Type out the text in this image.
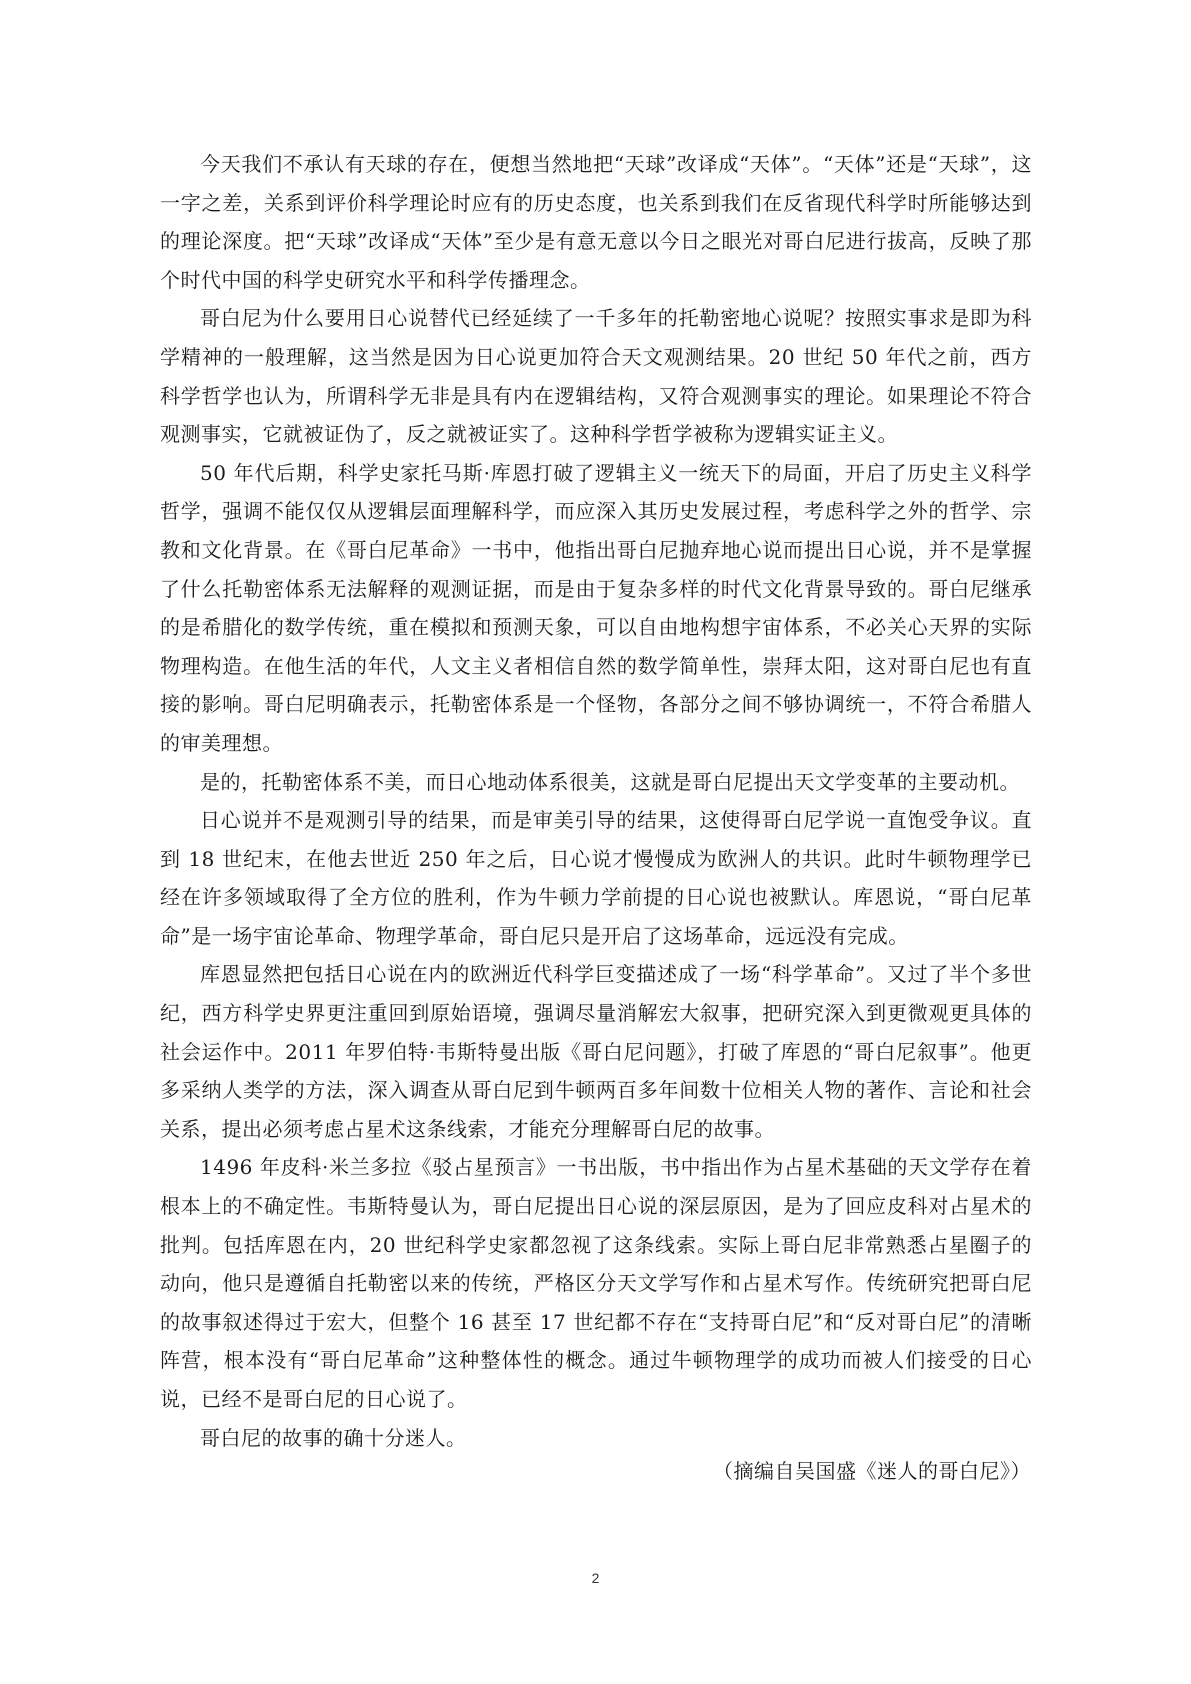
今天我们不承认有天球的存在，便想当然地把“天球”改译成“天体”。“天体”还是“天球”，这一字之差，关系到评价科学理论时应有的历史态度，也关系到我们在反省现代科学时所能够达到的理论深度。把“天球”改译成“天体”至少是有意无意以今日之眼光对哥白尼进行拔高，反映了那个时代中国的科学史研究水平和科学传播理念。

哥白尼为什么要用日心说替代已经延续了一千多年的托勒密地心说呢？按照实事求是即为科学精神的一般理解，这当然是因为日心说更加符合天文观测结果。20 世纪 50 年代之前，西方科学哲学也认为，所谓科学无非是具有内在逻辑结构，又符合观测事实的理论。如果理论不符合观测事实，它就被证伪了，反之就被证实了。这种科学哲学被称为逻辑实证主义。

50 年代后期，科学史家托马斯·库恩打破了逻辑主义一统天下的局面，开启了历史主义科学哲学，强调不能仅仅从逻辑层面理解科学，而应深入其历史发展过程，考虑科学之外的哲学、宗教和文化背景。在《哥白尼革命》一书中，他指出哥白尼抛弃地心说而提出日心说，并不是掌握了什么托勒密体系无法解释的观测证据，而是由于复杂多样的时代文化背景导致的。哥白尼继承的是希腊化的数学传统，重在模拟和预测天象，可以自由地构想宇宙体系，不必关心天界的实际物理构造。在他生活的年代，人文主义者相信自然的数学简单性，崇拜太阳，这对哥白尼也有直接的影响。哥白尼明确表示，托勒密体系是一个怪物，各部分之间不够协调统一，不符合希腊人的审美理想。

是的，托勒密体系不美，而日心地动体系很美，这就是哥白尼提出天文学变革的主要动机。

日心说并不是观测引导的结果，而是审美引导的结果，这使得哥白尼学说一直饱受争议。直到 18 世纪末，在他去世近 250 年之后，日心说才慢慢成为欧洲人的共识。此时牛顿物理学已经在许多领域取得了全方位的胜利，作为牛顿力学前提的日心说也被默认。库恩说，“哥白尼革命”是一场宇宙论革命、物理学革命，哥白尼只是开启了这场革命，远远没有完成。

库恩显然把包括日心说在内的欧洲近代科学巨变描述成了一场“科学革命”。又过了半个多世纪，西方科学史界更注重回到原始语境，强调尽量消解宏大叙事，把研究深入到更微观更具体的社会运作中。2011 年罗伯特·韦斯特曼出版《哥白尼问题》，打破了库恩的“哥白尼叙事”。他更多采纳人类学的方法，深入调查从哥白尼到牛顿两百多年间数十位相关人物的著作、言论和社会关系，提出必须考虑占星术这条线索，才能充分理解哥白尼的故事。

1496 年皮科·米兰多拉《驳占星预言》一书出版，书中指出作为占星术基础的天文学存在着根本上的不确定性。韦斯特曼认为，哥白尼提出日心说的深层原因，是为了回应皮科对占星术的批判。包括库恩在内，20 世纪科学史家都忽视了这条线索。实际上哥白尼非常熟悉占星圈子的动向，他只是遵循自托勒密以来的传统，严格区分天文学写作和占星术写作。传统研究把哥白尼的故事叙述得过于宏大，但整个 16 甚至 17 世纪都不存在“支持哥白尼”和“反对哥白尼”的清晰阵营，根本没有“哥白尼革命”这种整体性的概念。通过牛顿物理学的成功而被人们接受的日心说，已经不是哥白尼的日心说了。

哥白尼的故事的确十分迷人。

（摘编自吴国盛《迷人的哥白尼》）
2
